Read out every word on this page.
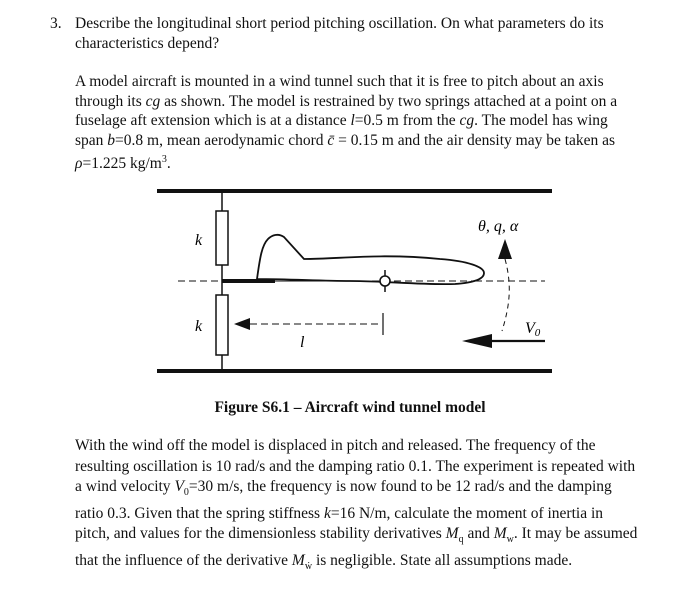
3. Describe the longitudinal short period pitching oscillation. On what parameters do its characteristics depend?

A model aircraft is mounted in a wind tunnel such that it is free to pitch about an axis through its cg as shown. The model is restrained by two springs attached at a point on a fuselage aft extension which is at a distance l=0.5 m from the cg. The model has wing span b=0.8 m, mean aerodynamic chord c̄ = 0.15 m and the air density may be taken as ρ=1.225 $kg/m^3$.

k
k
l
θ, q, α
V0
Figure S6.1 – Aircraft wind tunnel model

With the wind off the model is displaced in pitch and released. The frequency of the resulting oscillation is 10 rad/s and the damping ratio 0.1. The experiment is repeated with a wind velocity $V_0=30$ m/s, the frequency is now found to be 12 rad/s and the damping ratio 0.3. Given that the spring stiffness k=16 N/m, calculate the moment of inertia in pitch, and values for the dimensionless stability derivatives $M_q$ and $M_w$. It may be assumed that the influence of the derivative $M_ẇ$ is negligible. State all assumptions made.
